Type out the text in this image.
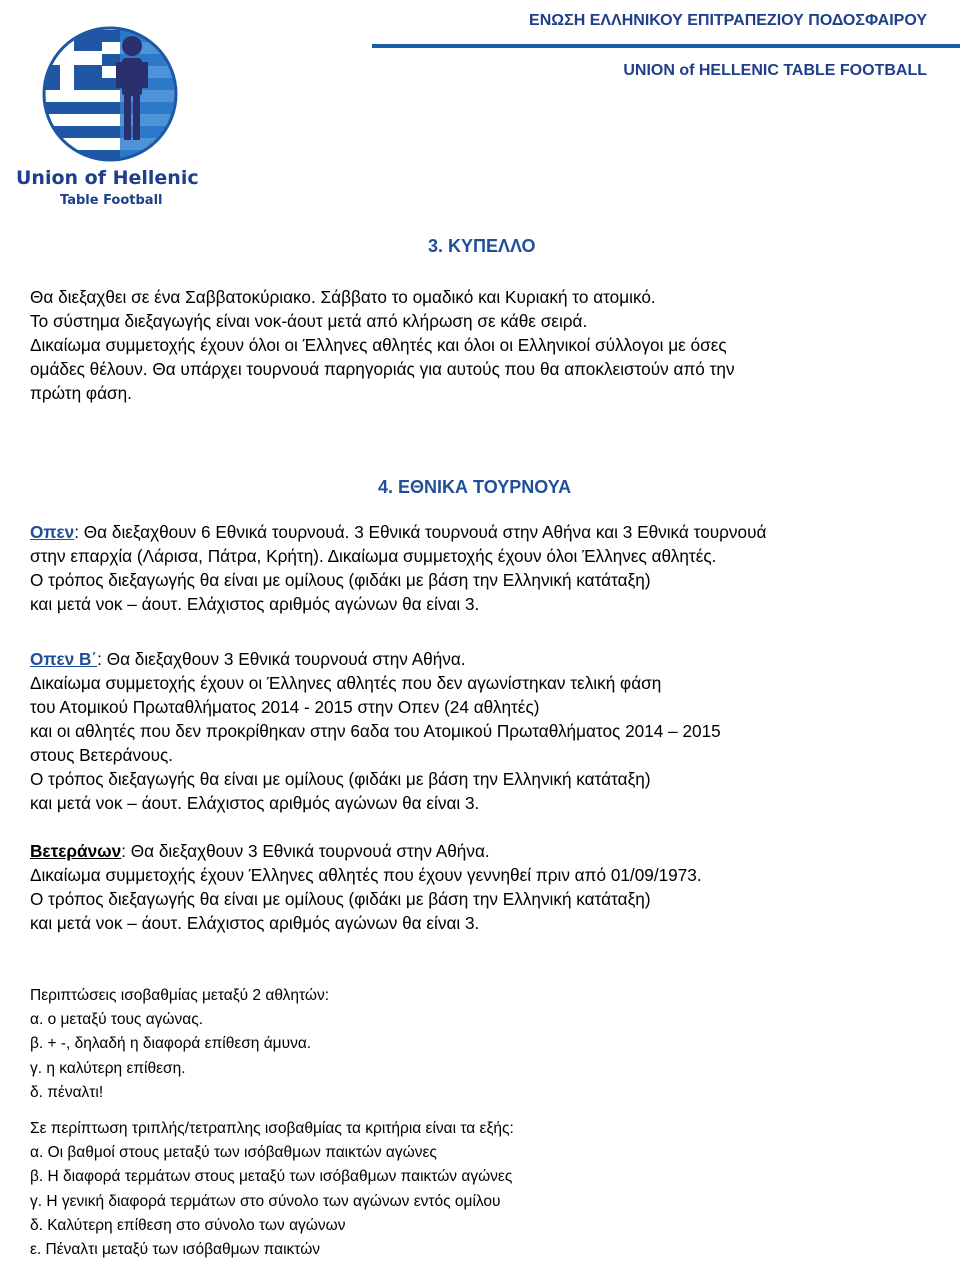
Union of Hellenic
Table Football
ΕΝΩΣΗ ΕΛΛΗΝΙΚΟΥ ΕΠΙΤΡΑΠΕΖΙΟΥ ΠΟΔΟΣΦΑΙΡΟΥ
UNION of HELLENIC TABLE FOOTBALL
3. ΚΥΠΕΛΛΟ

Θα διεξαχθει σε ένα Σαββατοκύριακο. Σάββατο το ομαδικό και Κυριακή το ατομικό.

Το σύστημα διεξαγωγής είναι νοκ-άουτ μετά από κλήρωση σε κάθε σειρά.

Δικαίωμα συμμετοχής έχουν όλοι οι Έλληνες αθλητές και όλοι οι Ελληνικοί σύλλογοι με όσες

ομάδες θέλουν. Θα υπάρχει τουρνουά παρηγοριάς για αυτούς που θα αποκλειστούν από την

πρώτη φάση.

4. ΕΘΝΙΚΑ ΤΟΥΡΝΟΥΑ

Οπεν: Θα διεξαχθουν 6 Εθνικά τουρνουά. 3 Εθνικά τουρνουά στην Αθήνα και 3 Εθνικά τουρνουά

στην επαρχία (Λάρισα, Πάτρα, Κρήτη). Δικαίωμα συμμετοχής έχουν όλοι Έλληνες αθλητές.

Ο τρόπος διεξαγωγής θα είναι με ομίλους (φιδάκι με βάση την Ελληνική κατάταξη)

και μετά νοκ – άουτ. Ελάχιστος αριθμός αγώνων θα είναι 3.

Οπεν Β΄: Θα διεξαχθουν 3 Εθνικά τουρνουά στην Αθήνα.

Δικαίωμα συμμετοχής έχουν οι Έλληνες αθλητές που δεν αγωνίστηκαν τελική φάση

του Ατομικού Πρωταθλήματος 2014 - 2015 στην Οπεν (24 αθλητές)

και οι αθλητές που δεν προκρίθηκαν στην 6αδα του Ατομικού Πρωταθλήματος 2014 – 2015

στους Βετεράνους.

Ο τρόπος διεξαγωγής θα είναι με ομίλους (φιδάκι με βάση την Ελληνική κατάταξη)

και μετά νοκ – άουτ. Ελάχιστος αριθμός αγώνων θα είναι 3.

Βετεράνων: Θα διεξαχθουν 3 Εθνικά τουρνουά στην Αθήνα.

Δικαίωμα συμμετοχής έχουν Έλληνες αθλητές που έχουν γεννηθεί πριν από 01/09/1973.

Ο τρόπος διεξαγωγής θα είναι με ομίλους (φιδάκι με βάση την Ελληνική κατάταξη)

και μετά νοκ – άουτ. Ελάχιστος αριθμός αγώνων θα είναι 3.

Περιπτώσεις ισοβαθμίας μεταξύ 2 αθλητών:

α. ο μεταξύ τους αγώνας.

β. + -, δηλαδή η διαφορά επίθεση άμυνα.

γ. η καλύτερη επίθεση.

δ. πέναλτι!

Σε περίπτωση τριπλής/τετραπλης ισοβαθμίας τα κριτήρια είναι τα εξής:

α. Οι βαθμοί στους μεταξύ των ισόβαθμων παικτών αγώνες

β. Η διαφορά τερμάτων στους μεταξύ των ισόβαθμων παικτών αγώνες

γ. Η γενική διαφορά τερμάτων στο σύνολο των αγώνων εντός ομίλου

δ. Καλύτερη επίθεση στο σύνολο των αγώνων

ε. Πέναλτι μεταξύ των ισόβαθμων παικτών
